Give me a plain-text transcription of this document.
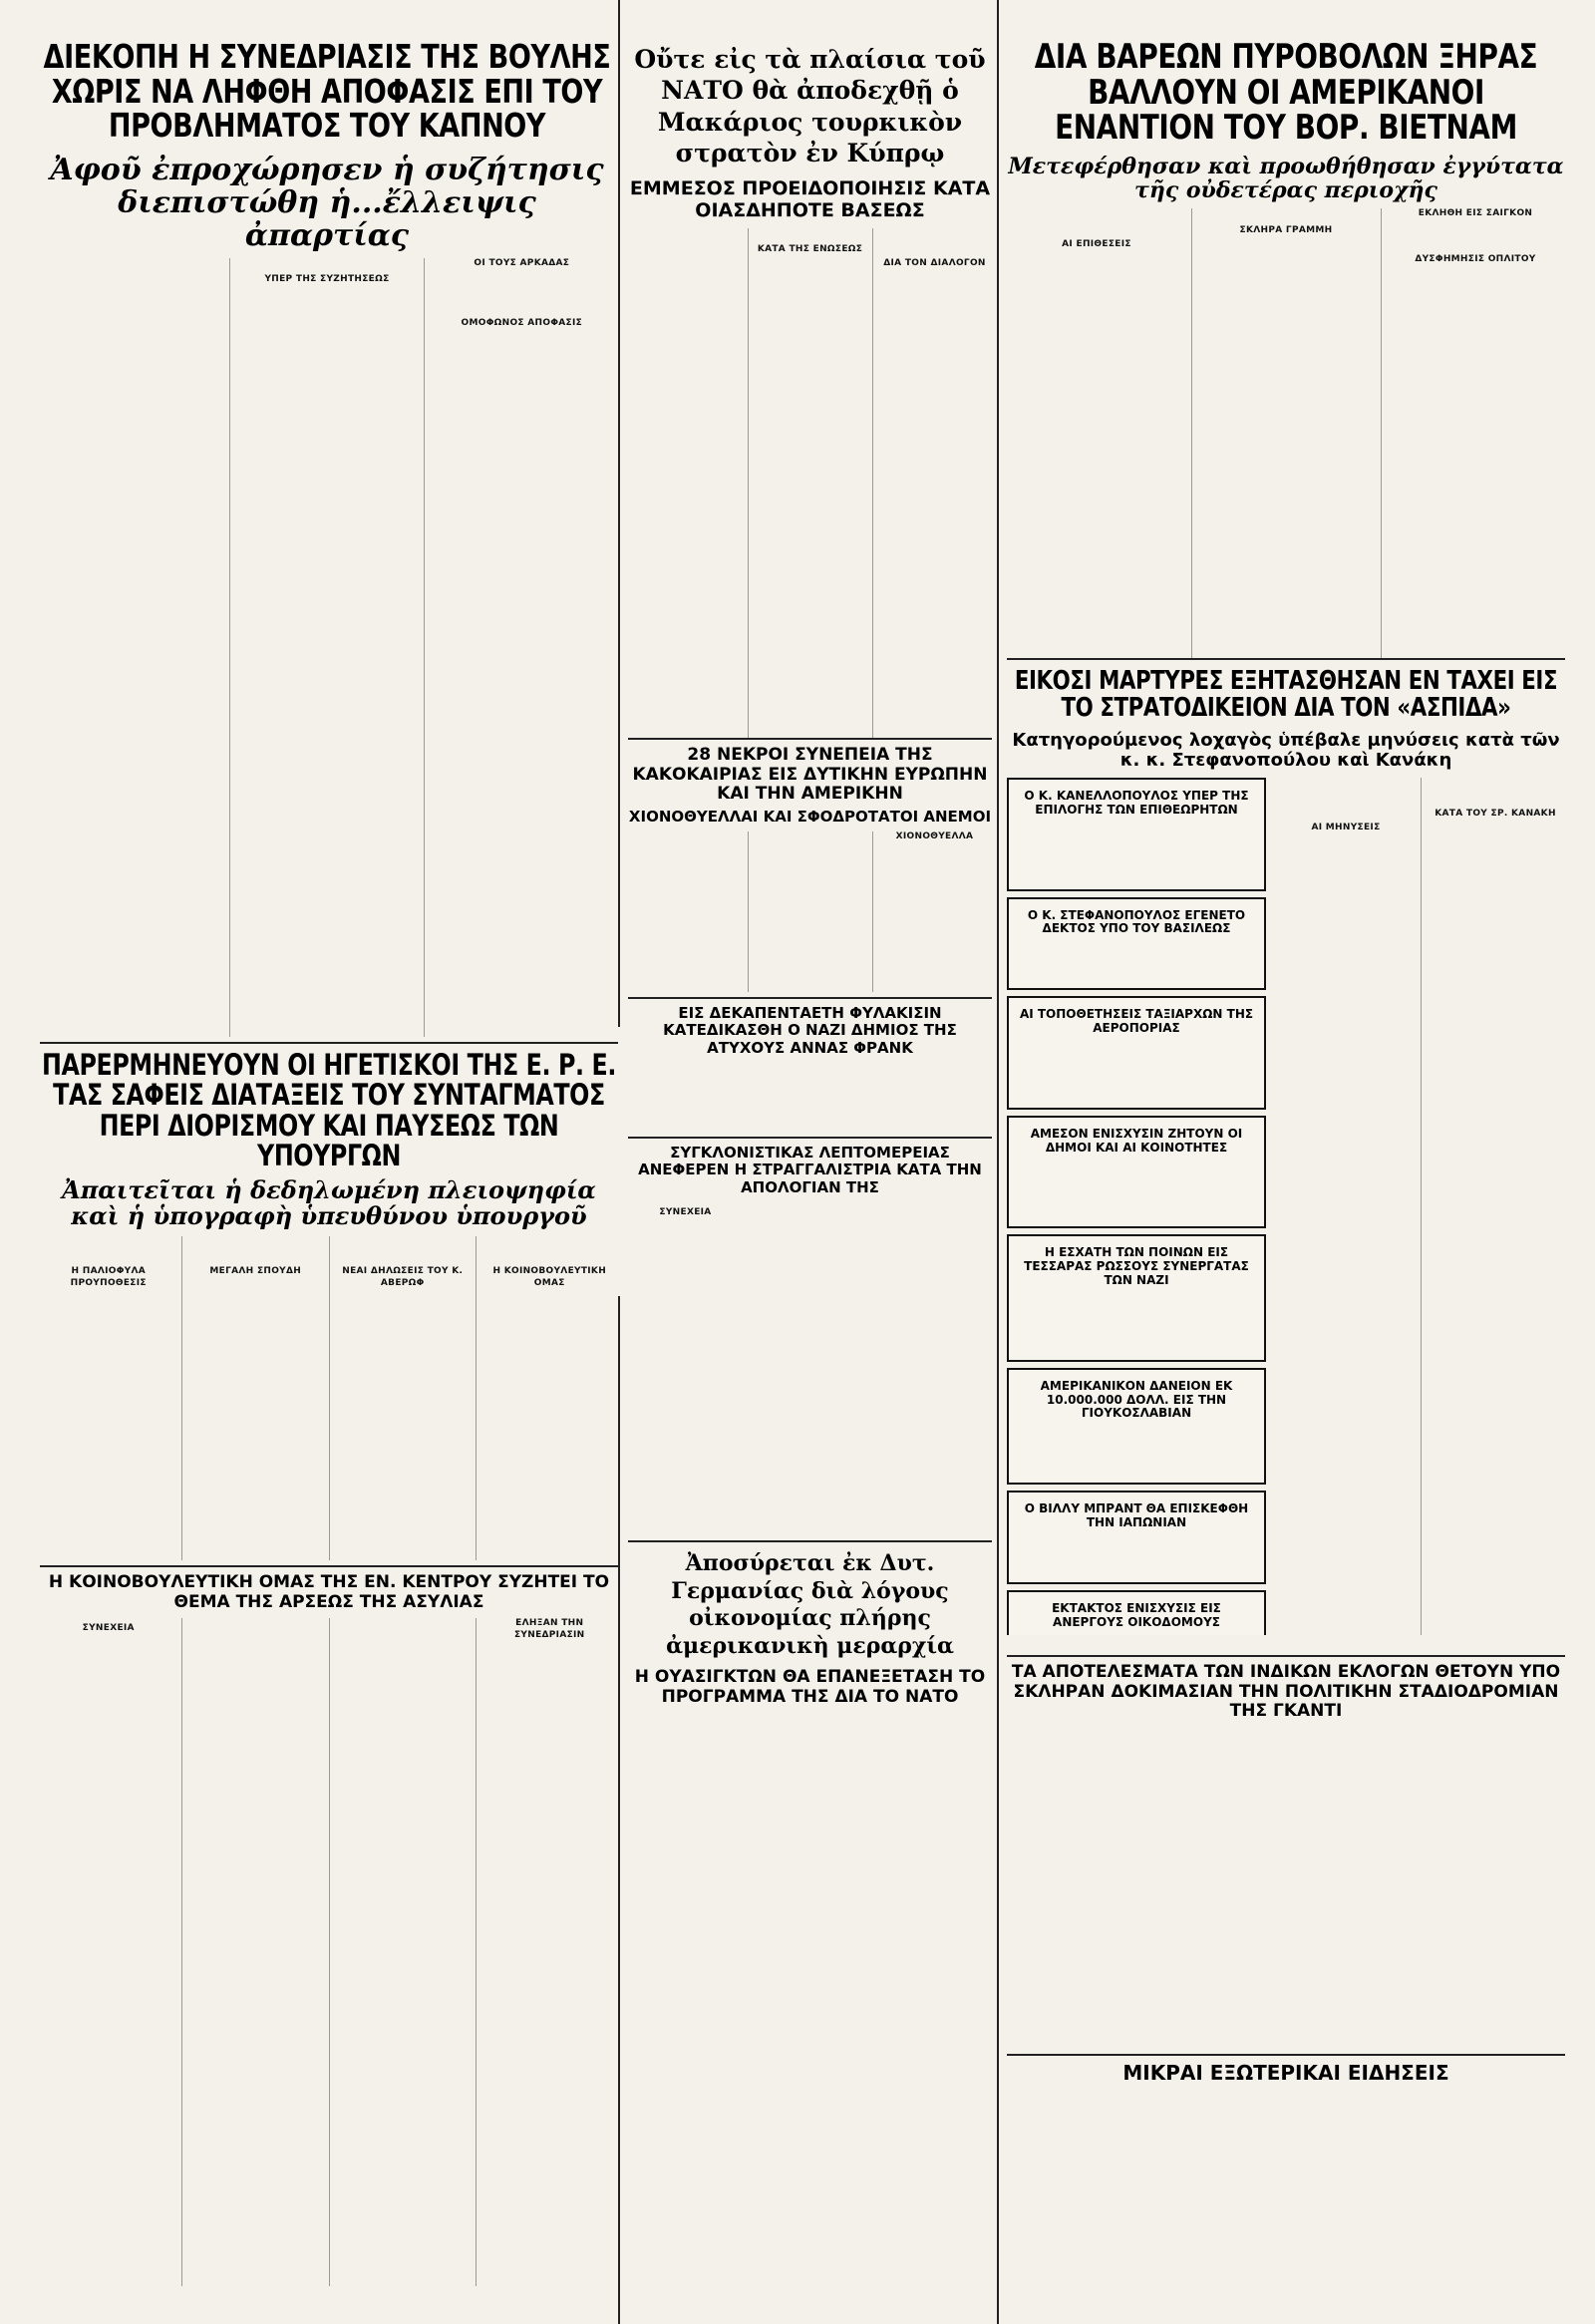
ΔΙΕΚΟΠΗ Η ΣΥΝΕΔΡΙΑΣΙΣ ΤΗΣ ΒΟΥΛΗΣ ΧΩΡΙΣ ΝΑ ΛΗΦΘΗ ΑΠΟΦΑΣΙΣ ΕΠΙ ΤΟΥ ΠΡΟΒΛΗΜΑΤΟΣ ΤΟΥ ΚΑΠΝΟΥ
Ἀφοῦ ἐπροχώρησεν ἡ συζήτησις διεπιστώθη ἡ...ἔλλειψις ἀπαρτίας

ΥΠΕΡ ΤΗΣ ΣΥΖΗΤΗΣΕΩΣ

ΟΙ ΤΟΥΣ ΑΡΚΑΔΑΣ

ΟΜΟΦΩΝΟΣ ΑΠΟΦΑΣΙΣ
Οὔτε εἰς τὰ πλαίσια τοῦ ΝΑΤΟ θὰ ἀποδεχθῇ ὁ Μακάριος τουρκικὸν στρατὸν ἐν Κύπρῳ
ΕΜΜΕΣΟΣ ΠΡΟΕΙΔΟΠΟΙΗΣΙΣ ΚΑΤΑ ΟΙΑΣΔΗΠΟΤΕ ΒΑΣΕΩΣ

ΚΑΤΑ ΤΗΣ ΕΝΩΣΕΩΣ

ΔΙΑ ΤΟΝ ΔΙΑΛΟΓΟΝ
28 ΝΕΚΡΟΙ ΣΥΝΕΠΕΙΑ ΤΗΣ ΚΑΚΟΚΑΙΡΙΑΣ ΕΙΣ ΔΥΤΙΚΗΝ ΕΥΡΩΠΗΝ ΚΑΙ ΤΗΝ ΑΜΕΡΙΚΗΝ
ΧΙΟΝΟΘΥΕΛΛΑΙ ΚΑΙ ΣΦΟΔΡΟΤΑΤΟΙ ΑΝΕΜΟΙ

ΧΙΟΝΟΘΥΕΛΛΑ
ΕΙΣ ΔΕΚΑΠΕΝΤΑΕΤΗ ΦΥΛΑΚΙΣΙΝ ΚΑΤΕΔΙΚΑΣΘΗ Ο ΝΑΖΙ ΔΗΜΙΟΣ ΤΗΣ ΑΤΥΧΟΥΣ ΑΝΝΑΣ ΦΡΑΝΚ
ΣΥΓΚΛΟΝΙΣΤΙΚΑΣ ΛΕΠΤΟΜΕΡΕΙΑΣ ΑΝΕΦΕΡΕΝ Η ΣΤΡΑΓΓΑΛΙΣΤΡΙΑ ΚΑΤΑ ΤΗΝ ΑΠΟΛΟΓΙΑΝ ΤΗΣ
ΣΥΝΕΧΕΙΑ
ΔΙΑ ΒΑΡΕΩΝ ΠΥΡΟΒΟΛΩΝ ΞΗΡΑΣ ΒΑΛΛΟΥΝ ΟΙ ΑΜΕΡΙΚΑΝΟΙ ΕΝΑΝΤΙΟΝ ΤΟΥ ΒΟΡ. ΒΙΕΤΝΑΜ
Μετεφέρθησαν καὶ προωθήθησαν ἐγγύτατα τῆς οὐδετέρας περιοχῆς

ΑΙ ΕΠΙΘΕΣΕΙΣ

ΣΚΛΗΡΑ ΓΡΑΜΜΗ

ΕΚΛΗΘΗ ΕΙΣ ΣΑΙΓΚΟΝ

ΔΥΣΦΗΜΗΣΙΣ ΟΠΛΙΤΟΥ
ΕΙΚΟΣΙ ΜΑΡΤΥΡΕΣ ΕΞΗΤΑΣΘΗΣΑΝ ΕΝ ΤΑΧΕΙ ΕΙΣ ΤΟ ΣΤΡΑΤΟΔΙΚΕΙΟΝ ΔΙΑ ΤΟΝ «ΑΣΠΙΔΑ»
Κατηγορούμενος λοχαγὸς ὑπέβαλε μηνύσεις κατὰ τῶν κ. κ. Στεφανοπούλου καὶ Κανάκη
Ο Κ. ΚΑΝΕΛΛΟΠΟΥΛΟΣ ΥΠΕΡ ΤΗΣ ΕΠΙΛΟΓΗΣ ΤΩΝ ΕΠΙΘΕΩΡΗΤΩΝ
Ο Κ. ΣΤΕΦΑΝΟΠΟΥΛΟΣ ΕΓΕΝΕΤΟ ΔΕΚΤΟΣ ΥΠΟ ΤΟΥ ΒΑΣΙΛΕΩΣ
ΑΙ ΤΟΠΟΘΕΤΗΣΕΙΣ ΤΑΞΙΑΡΧΩΝ ΤΗΣ ΑΕΡΟΠΟΡΙΑΣ
ΑΜΕΣΟΝ ΕΝΙΣΧΥΣΙΝ ΖΗΤΟΥΝ ΟΙ ΔΗΜΟΙ ΚΑΙ ΑΙ ΚΟΙΝΟΤΗΤΕΣ
Η ΕΣΧΑΤΗ ΤΩΝ ΠΟΙΝΩΝ ΕΙΣ ΤΕΣΣΑΡΑΣ ΡΩΣΣΟΥΣ ΣΥΝΕΡΓΑΤΑΣ ΤΩΝ ΝΑΖΙ
ΑΜΕΡΙΚΑΝΙΚΟΝ ΔΑΝΕΙΟΝ ΕΚ 10.000.000 ΔΟΛΛ. ΕΙΣ ΤΗΝ ΓΙΟΥΚΟΣΛΑΒΙΑΝ
Ο ΒΙΛΛΥ ΜΠΡΑΝΤ ΘΑ ΕΠΙΣΚΕΦΘΗ ΤΗΝ ΙΑΠΩΝΙΑΝ
ΕΚΤΑΚΤΟΣ ΕΝΙΣΧΥΣΙΣ ΕΙΣ ΑΝΕΡΓΟΥΣ ΟΙΚΟΔΟΜΟΥΣ

ΑΙ ΜΗΝΥΣΕΙΣ

ΚΑΤΑ ΤΟΥ ΣΡ. ΚΑΝΑΚΗ
ΠΑΡΕΡΜΗΝΕΥΟΥΝ ΟΙ ΗΓΕΤΙΣΚΟΙ ΤΗΣ Ε. Ρ. Ε. ΤΑΣ ΣΑΦΕΙΣ ΔΙΑΤΑΞΕΙΣ ΤΟΥ ΣΥΝΤΑΓΜΑΤΟΣ ΠΕΡΙ ΔΙΟΡΙΣΜΟΥ ΚΑΙ ΠΑΥΣΕΩΣ ΤΩΝ ΥΠΟΥΡΓΩΝ
Ἀπαιτεῖται ἡ δεδηλωμένη πλειοψηφία καὶ ἡ ὑπογραφὴ ὑπευθύνου ὑπουργοῦ

Η ΠΑΛΙΟΦΥΛΑ ΠΡΟΥΠΟΘΕΣΙΣ

ΜΕΓΑΛΗ ΣΠΟΥΔΗ

	ΝΕΑΙ ΔΗΛΩΣΕΙΣ ΤΟΥ Κ. ΑΒΕΡΩΦ

Η ΚΟΙΝΟΒΟΥΛΕΥΤΙΚΗ ΟΜΑΣ
Η ΚΟΙΝΟΒΟΥΛΕΥΤΙΚΗ ΟΜΑΣ ΤΗΣ ΕΝ. ΚΕΝΤΡΟΥ ΣΥΖΗΤΕΙ ΤΟ ΘΕΜΑ ΤΗΣ ΑΡΣΕΩΣ ΤΗΣ ΑΣΥΛΙΑΣ
ΣΥΝΕΧΕΙΑ

	ΕΛΗΞΑΝ ΤΗΝ ΣΥΝΕΔΡΙΑΣΙΝ
Ἀποσύρεται ἐκ Δυτ. Γερμανίας διὰ λόγους οἰκονομίας πλήρης ἀμερικανικὴ μεραρχία
Η ΟΥΑΣΙΓΚΤΩΝ ΘΑ ΕΠΑΝΕΞΕΤΑΣΗ ΤΟ ΠΡΟΓΡΑΜΜΑ ΤΗΣ ΔΙΑ ΤΟ ΝΑΤΟ
ΤΑ ΑΠΟΤΕΛΕΣΜΑΤΑ ΤΩΝ ΙΝΔΙΚΩΝ ΕΚΛΟΓΩΝ ΘΕΤΟΥΝ ΥΠΟ ΣΚΛΗΡΑΝ ΔΟΚΙΜΑΣΙΑΝ ΤΗΝ ΠΟΛΙΤΙΚΗΝ ΣΤΑΔΙΟΔΡΟΜΙΑΝ ΤΗΣ ΓΚΑΝΤΙ
ΜΙΚΡΑΙ ΕΞΩΤΕΡΙΚΑΙ ΕΙΔΗΣΕΙΣ
